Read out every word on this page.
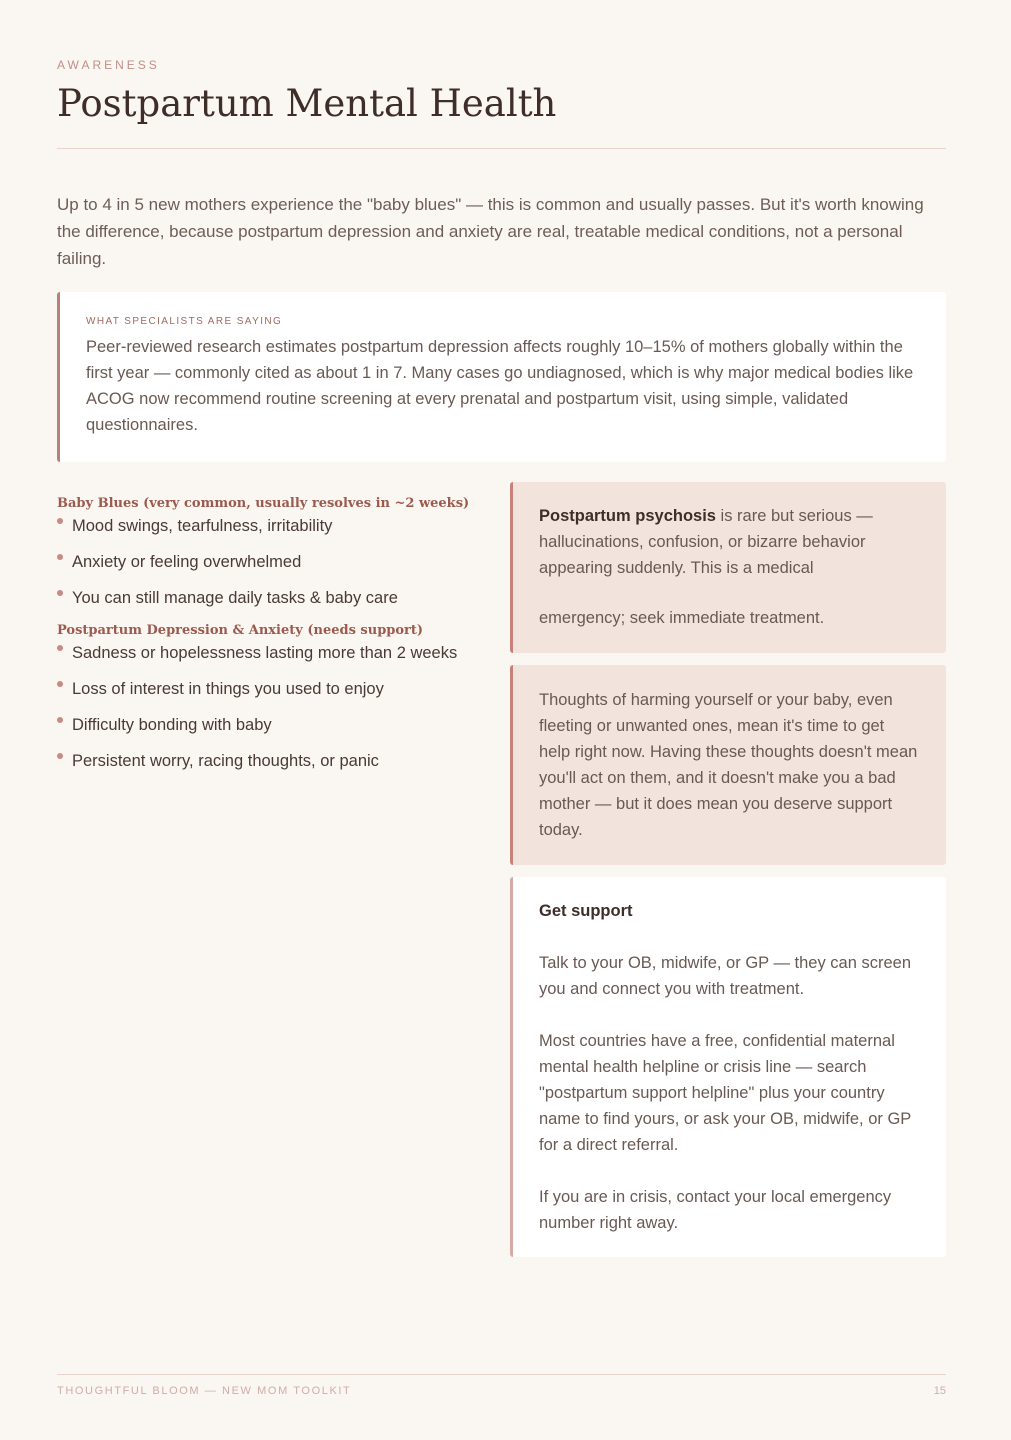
AWARENESS
Postpartum Mental Health

Up to 4 in 5 new mothers experience the "baby blues" — this is common and usually passes. But it's worth knowing the difference, because postpartum depression and anxiety are real, treatable medical conditions, not a personal failing.

WHAT SPECIALISTS ARE SAYING
Peer-reviewed research estimates postpartum depression affects roughly 10–15% of mothers globally within the first year — commonly cited as about 1 in 7. Many cases go undiagnosed, which is why major medical bodies like ACOG now recommend routine screening at every prenatal and postpartum visit, using simple, validated questionnaires.
Baby Blues (very common, usually resolves in ~2 weeks)
Mood swings, tearfulness, irritability
Anxiety or feeling overwhelmed
You can still manage daily tasks & baby care
Postpartum Depression & Anxiety (needs support)
Sadness or hopelessness lasting more than 2 weeks
Loss of interest in things you used to enjoy
Difficulty bonding with baby
Persistent worry, racing thoughts, or panic
Postpartum psychosis is rare but serious — hallucinations, confusion, or bizarre behavior appearing suddenly. This is a medical
emergency; seek immediate treatment.
Thoughts of harming yourself or your baby, even fleeting or unwanted ones, mean it's time to get help right now. Having these thoughts doesn't mean you'll act on them, and it doesn't make you a bad mother — but it does mean you deserve support today.
Get support

Talk to your OB, midwife, or GP — they can screen you and connect you with treatment.

Most countries have a free, confidential maternal mental health helpline or crisis line — search "postpartum support helpline" plus your country name to find yours, or ask your OB, midwife, or GP for a direct referral.

If you are in crisis, contact your local emergency number right away.

THOUGHTFUL BLOOM — NEW MOM TOOLKIT	15
